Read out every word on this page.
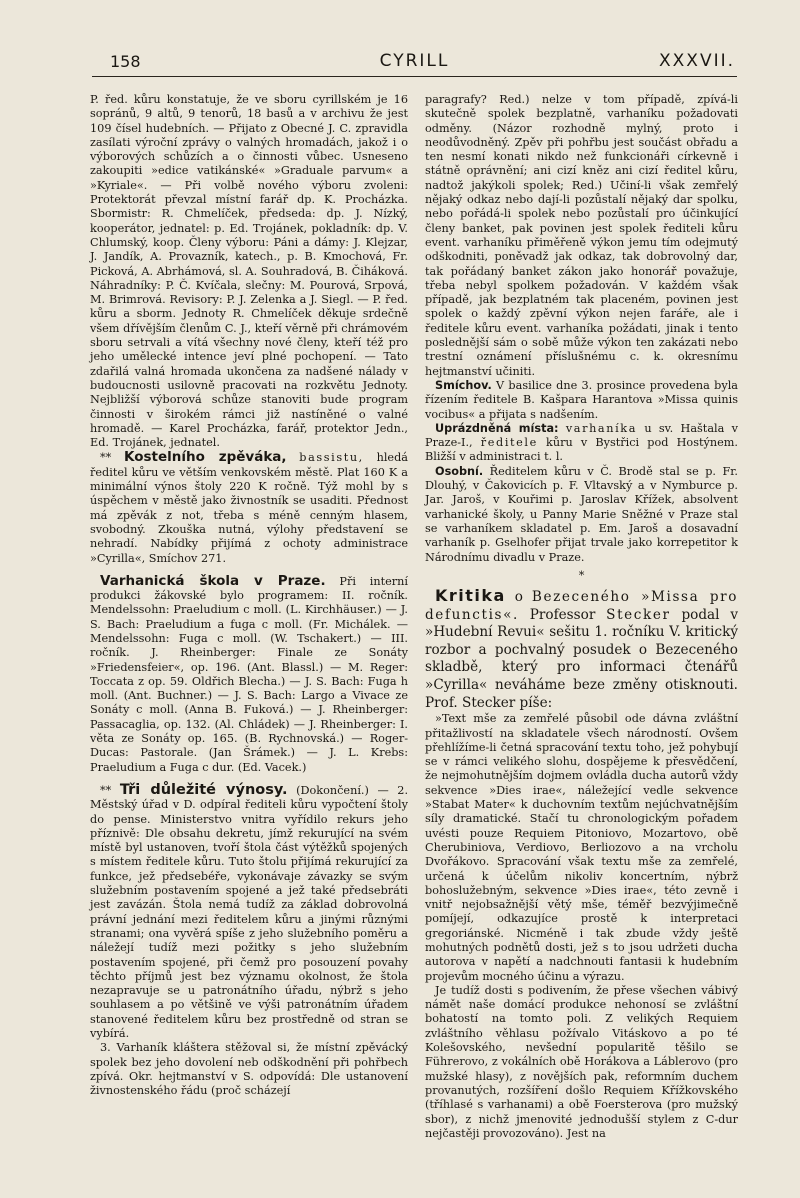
158	CYRILL	XXXVII.

P. řed. kůru konstatuje, že ve sboru cyrillském je 16 sopránů, 9 altů, 9 tenorů, 18 basů a v archivu že jest 109 čísel hudebních. — Přijato z Obecné J. C. zpravidla zasílati výroční zprávy o valných hromadách, jakož i o výborových schůzích a o činnosti vůbec. Usneseno zakoupiti »edice vatikánské« »Graduale parvum« a »Kyriale«. — Při volbě nového výboru zvoleni: Protektorát převzal místní farář dp. K. Procházka. Sbormistr: R. Chmelíček, předseda: dp. J. Nízký, kooperátor, jednatel: p. Ed. Trojánek, pokladník: dp. V. Chlumský, koop. Členy výboru: Páni a dámy: J. Klejzar, J. Jandík, A. Provazník, katech., p. B. Kmochová, Fr. Picková, A. Abrhámová, sl. A. Souhradová, B. Čiháková. Náhradníky: P. Č. Kvíčala, slečny: M. Pourová, Srpová, M. Brimrová. Revisory: P. J. Zelenka a J. Siegl. — P. řed. kůru a sborm. Jednoty R. Chmelíček děkuje srdečně všem dřívějším členům C. J., kteří věrně při chrámovém sboru setrvali a vítá všechny nové členy, kteří též pro jeho umělecké intence jeví plné pochopení. — Tato zdařilá valná hromada ukončena za nadšené nálady v budoucnosti usilovně pracovati na rozkvětu Jednoty. Nejbližší výborová schůze stanoviti bude program činnosti v širokém rámci již nastíněné o valné hromadě. — Karel Procházka, farář, protektor Jedn., Ed. Trojánek, jednatel.

** Kostelního zpěváka, bassistu, hledá ředitel kůru ve větším venkovském městě. Plat 160 K a minimální výnos štoly 220 K ročně. Týž mohl by s úspěchem v městě jako živnostník se usaditi. Přednost má zpěvák z not, třeba s méně cenným hlasem, svobodný. Zkouška nutná, výlohy představení se nehradí. Nabídky přijímá z ochoty administrace »Cyrilla«, Smíchov 271.

Varhanická škola v Praze. Při interní produkci žákovské bylo programem: II. ročník. Mendelssohn: Praeludium c moll. (L. Kirchhäuser.) — J. S. Bach: Praeludium a fuga c moll. (Fr. Michálek. — Mendelssohn: Fuga c moll. (W. Tschakert.) — III. ročník. J. Rheinberger: Finale ze Sonáty »Friedensfeier«, op. 196. (Ant. Blassl.) — M. Reger: Toccata z op. 59. Oldřich Blecha.) — J. S. Bach: Fuga h moll. (Ant. Buchner.) — J. S. Bach: Largo a Vivace ze Sonáty c moll. (Anna B. Fuková.) — J. Rheinberger: Passacaglia, op. 132. (Al. Chládek) — J. Rheinberger: I. věta ze Sonáty op. 165. (B. Rychnovská.) — Roger-Ducas: Pastorale. (Jan Šrámek.) — J. L. Krebs: Praeludium a Fuga c dur. (Ed. Vacek.)

** Tři důležité výnosy. (Dokončení.) — 2. Městský úřad v D. odpíral řediteli kůru vypočtení štoly do pense. Ministerstvo vnitra vyřídilo rekurs jeho příznivě: Dle obsahu dekretu, jímž rekurující na svém místě byl ustanoven, tvoří štola část výtěžků spojených s místem ředitele kůru. Tuto štolu přijímá rekurující za funkce, jež předsebéře, vykonávaje závazky se svým služebním postavením spojené a jež také předsebráti jest zavázán. Štola nemá tudíž za základ dobrovolná právní jednání mezi ředitelem kůru a jinými různými stranami; ona vyvěrá spíše z jeho služebního poměru a náležejí tudíž mezi požitky s jeho služebním postavením spojené, při čemž pro posouzení povahy těchto příjmů jest bez významu okolnost, že štola nezapravuje se u patronátního úřadu, nýbrž s jeho souhlasem a po většině ve výši patronátním úřadem stanovené ředitelem kůru bez prostředně od stran se vybírá.

3. Varhaník kláštera stěžoval si, že místní zpěvácký spolek bez jeho dovolení neb odškodnění při pohřbech zpívá. Okr. hejtmanství v S. odpovídá: Dle ustanovení živnostenského řádu (proč scházejí

paragrafy? Red.) nelze v tom případě, zpívá-li skutečně spolek bezplatně, varhaníku požadovati odměny. (Názor rozhodně mylný, proto i neodůvodněný. Zpěv při pohřbu jest součást obřadu a ten nesmí konati nikdo než funkcionáři církevně i státně oprávnění; ani cizí kněz ani cizí ředitel kůru, nadtož jakýkoli spolek; Red.) Učiní-li však zemřelý nějaký odkaz nebo dají-li pozůstalí nějaký dar spolku, nebo pořádá-li spolek nebo pozůstalí pro účinkující členy banket, pak povinen jest spolek řediteli kůru event. varhaníku přiměřeně výkon jemu tím odejmutý odškodniti, poněvadž jak odkaz, tak dobrovolný dar, tak pořádaný banket zákon jako honorář považuje, třeba nebyl spolkem požadován. V každém však případě, jak bezplatném tak placeném, povinen jest spolek o každý zpěvní výkon nejen faráře, ale i ředitele kůru event. varhaníka požádati, jinak i tento poslednější sám o sobě může výkon ten zakázati nebo trestní oznámení příslušnému c. k. okresnímu hejtmanství učiniti.

Smíchov. V basilice dne 3. prosince provedena byla řízením ředitele B. Kašpara Harantova »Missa quinis vocibus« a přijata s nadšením.

Uprázdněná místa: varhaníka u sv. Haštala v Praze-I., ředitele kůru v Bystřici pod Hostýnem. Bližší v administraci t. l.

Osobní. Ředitelem kůru v Č. Brodě stal se p. Fr. Dlouhý, v Čakovicích p. F. Vltavský a v Nymburce p. Jar. Jaroš, v Kouřimi p. Jaroslav Křížek, absolvent varhanické školy, u Panny Marie Sněžné v Praze stal se varhaníkem skladatel p. Em. Jaroš a dosavadní varhaník p. Gselhofer přijat trvale jako korrepetitor k Národnímu divadlu v Praze.

*

Kritika o Bezeceného »Missa pro defunctis«. Professor Stecker podal v »Hudební Revui« sešitu 1. ročníku V. kritický rozbor a pochvalný posudek o Bezeceného skladbě, který pro informaci čtenářů »Cyrilla« neváháme beze změny otisknouti. Prof. Stecker píše:

»Text mše za zemřelé působil ode dávna zvláštní přitažlivostí na skladatele všech národností. Ovšem přehlížíme-li četná spracování textu toho, jež pohybují se v rámci velikého slohu, dospějeme k přesvědčení, že nejmohutnějším dojmem ovládla ducha autorů vždy sekvence »Dies irae«, náležející vedle sekvence »Stabat Mater« k duchovním textům nejúchvatnějším síly dramatické. Stačí tu chronologickým pořadem uvésti pouze Requiem Pitoniovo, Mozartovo, obě Cherubiniova, Verdiovo, Berliozovo a na vrcholu Dvořákovo. Spracování však textu mše za zemřelé, určená k účelům nikoliv koncertním, nýbrž bohoslužebným, sekvence »Dies irae«, této zevně i vnitř nejobsažnější větý mše, téměř bezvýjimečně pomíjejí, odkazujíce prostě k interpretaci gregoriánské. Nicméně i tak zbude vždy ještě mohutných podnětů dosti, jež s to jsou udržeti ducha autorova v napětí a nadchnouti fantasii k hudebním projevům mocného účinu a výrazu.

Je tudíž dosti s podivením, že přese všechen vábivý námět naše domácí produkce nehonosí se zvláštní bohatostí na tomto poli. Z velikých Requiem zvláštního věhlasu požívalo Vitáskovo a po té Kolešovského, nevšední popularitě těšilo se Führerovo, z vokálních obě Horákova a Láblerovo (pro mužské hlasy), z novějších pak, reformním duchem provanutých, rozšíření došlo Requiem Křížkovského (tříhlasé s varhanami) a obě Foersterova (pro mužský sbor), z nichž jmenovité jednodušší stylem z C-dur nejčastěji provozováno). Jest na
